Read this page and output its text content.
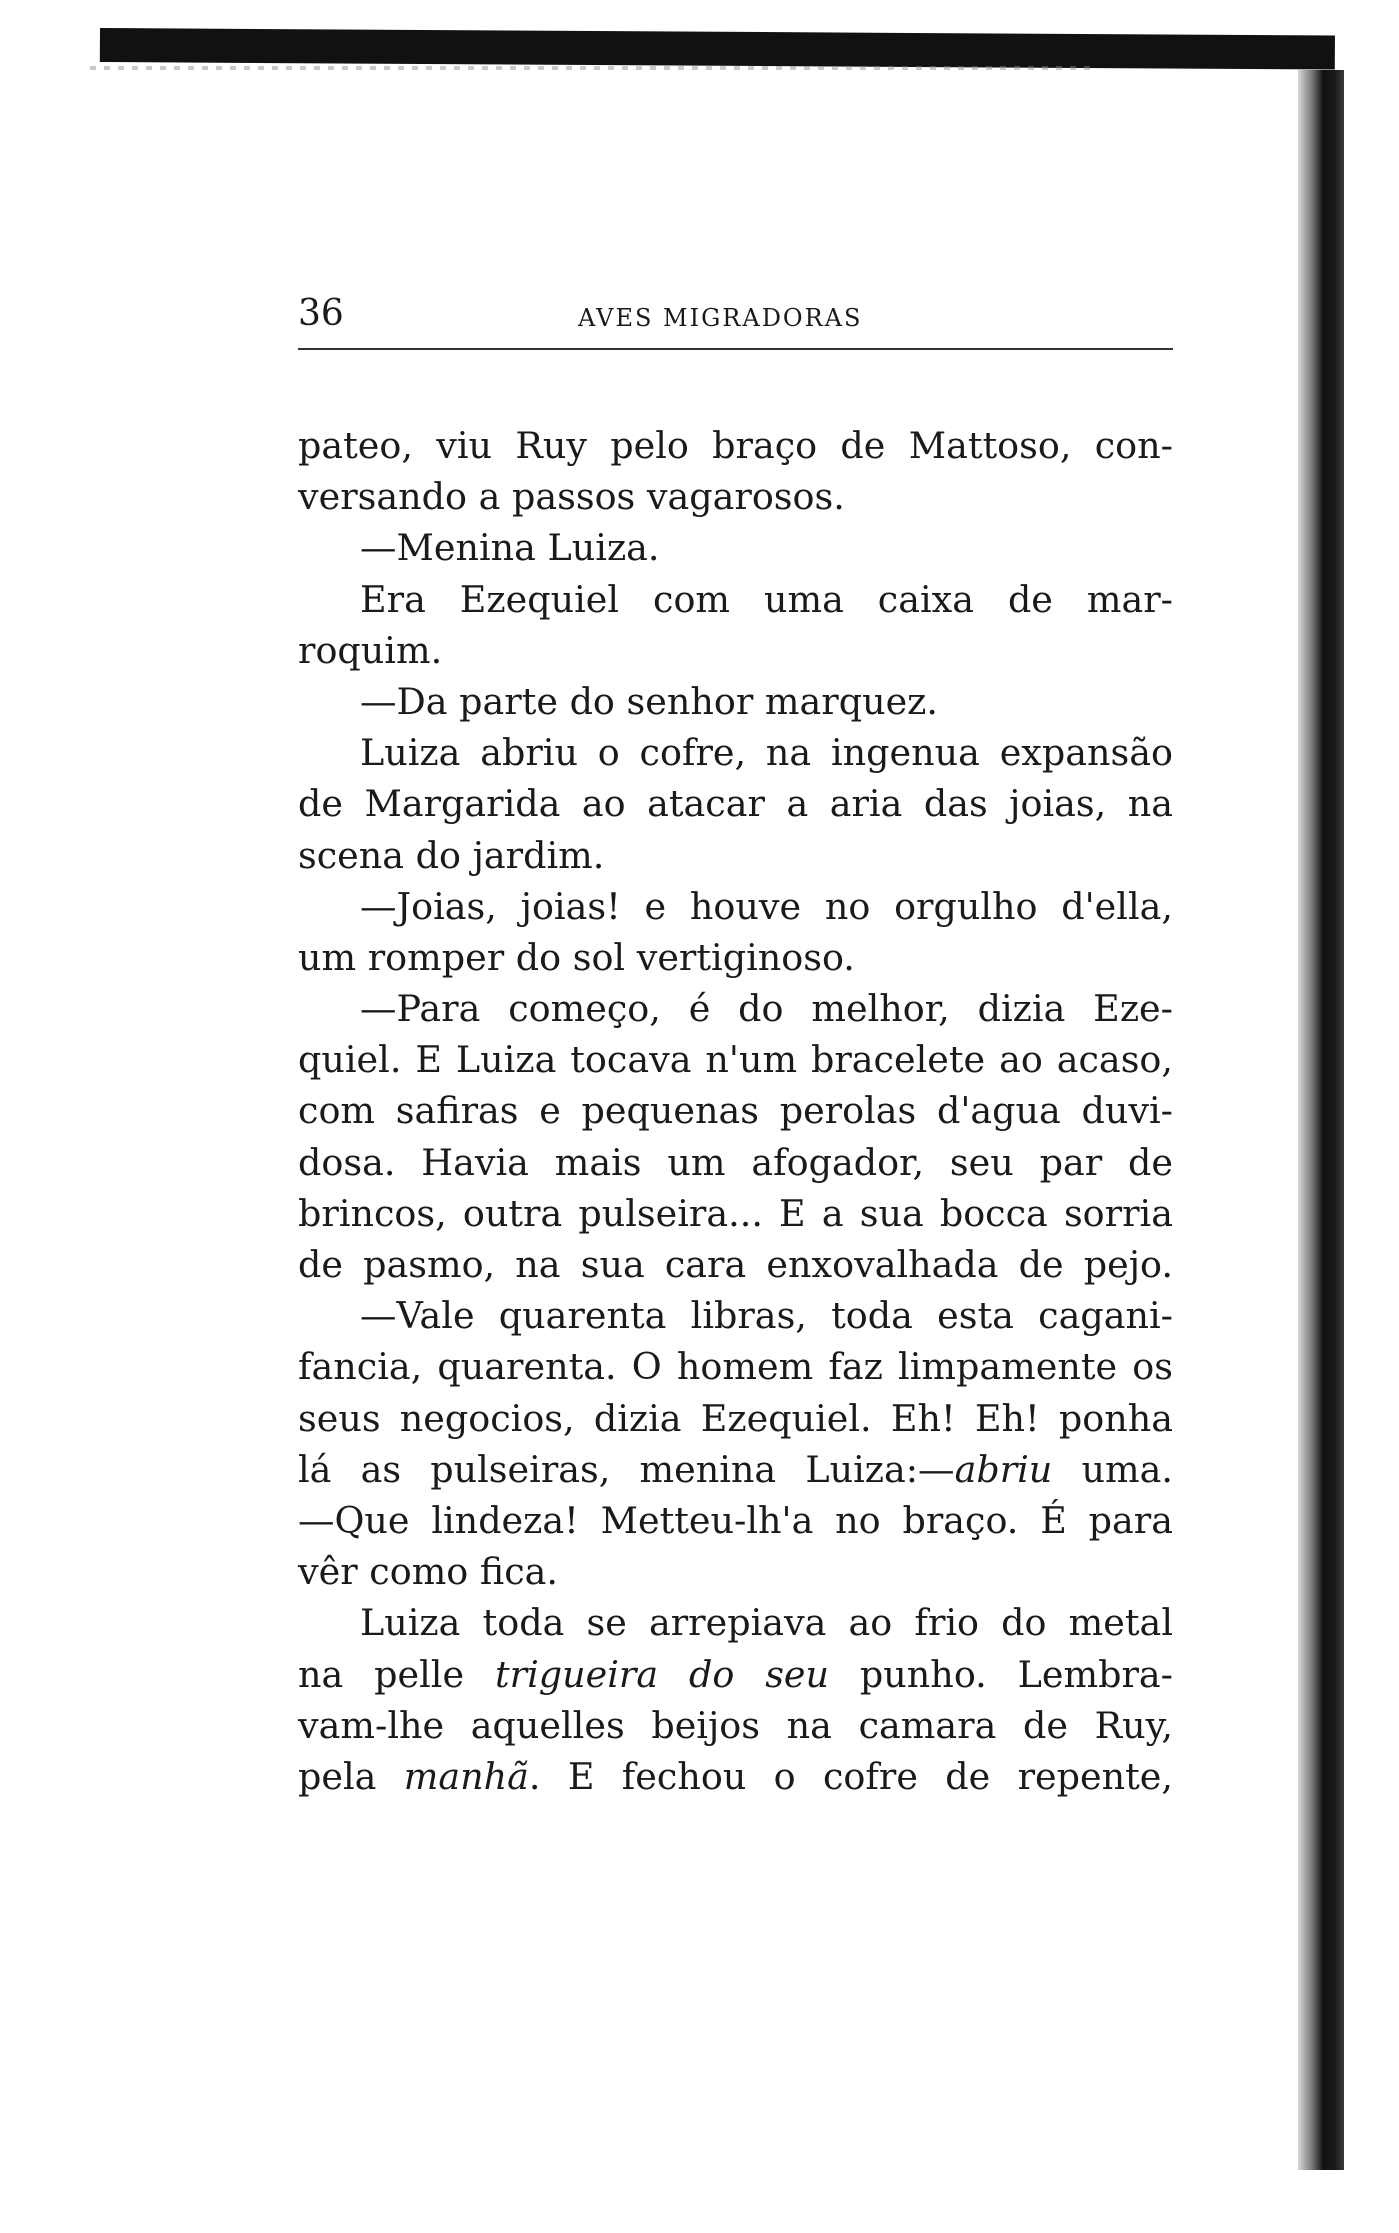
36	AVES MIGRADORAS
pateo, viu Ruy pelo braço de Mattoso, con-
versando a passos vagarosos.
—Menina Luiza.
Era Ezequiel com uma caixa de mar-
roquim.
—Da parte do senhor marquez.
Luiza abriu o cofre, na ingenua expansão
de Margarida ao atacar a aria das joias, na
scena do jardim.
—Joias, joias! e houve no orgulho d'ella,
um romper do sol vertiginoso.
—Para começo, é do melhor, dizia Eze-
quiel. E Luiza tocava n'um bracelete ao acaso,
com safiras e pequenas perolas d'agua duvi-
dosa. Havia mais um afogador, seu par de
brincos, outra pulseira... E a sua bocca sorria
de pasmo, na sua cara enxovalhada de pejo.
—Vale quarenta libras, toda esta cagani-
fancia, quarenta. O homem faz limpamente os
seus negocios, dizia Ezequiel. Eh! Eh! ponha
lá as pulseiras, menina Luiza:—abriu uma.
—Que lindeza! Metteu-lh'a no braço. É para
vêr como fica.
Luiza toda se arrepiava ao frio do metal
na pelle trigueira do seu punho. Lembra-
vam-lhe aquelles beijos na camara de Ruy,
pela manhã. E fechou o cofre de repente,
